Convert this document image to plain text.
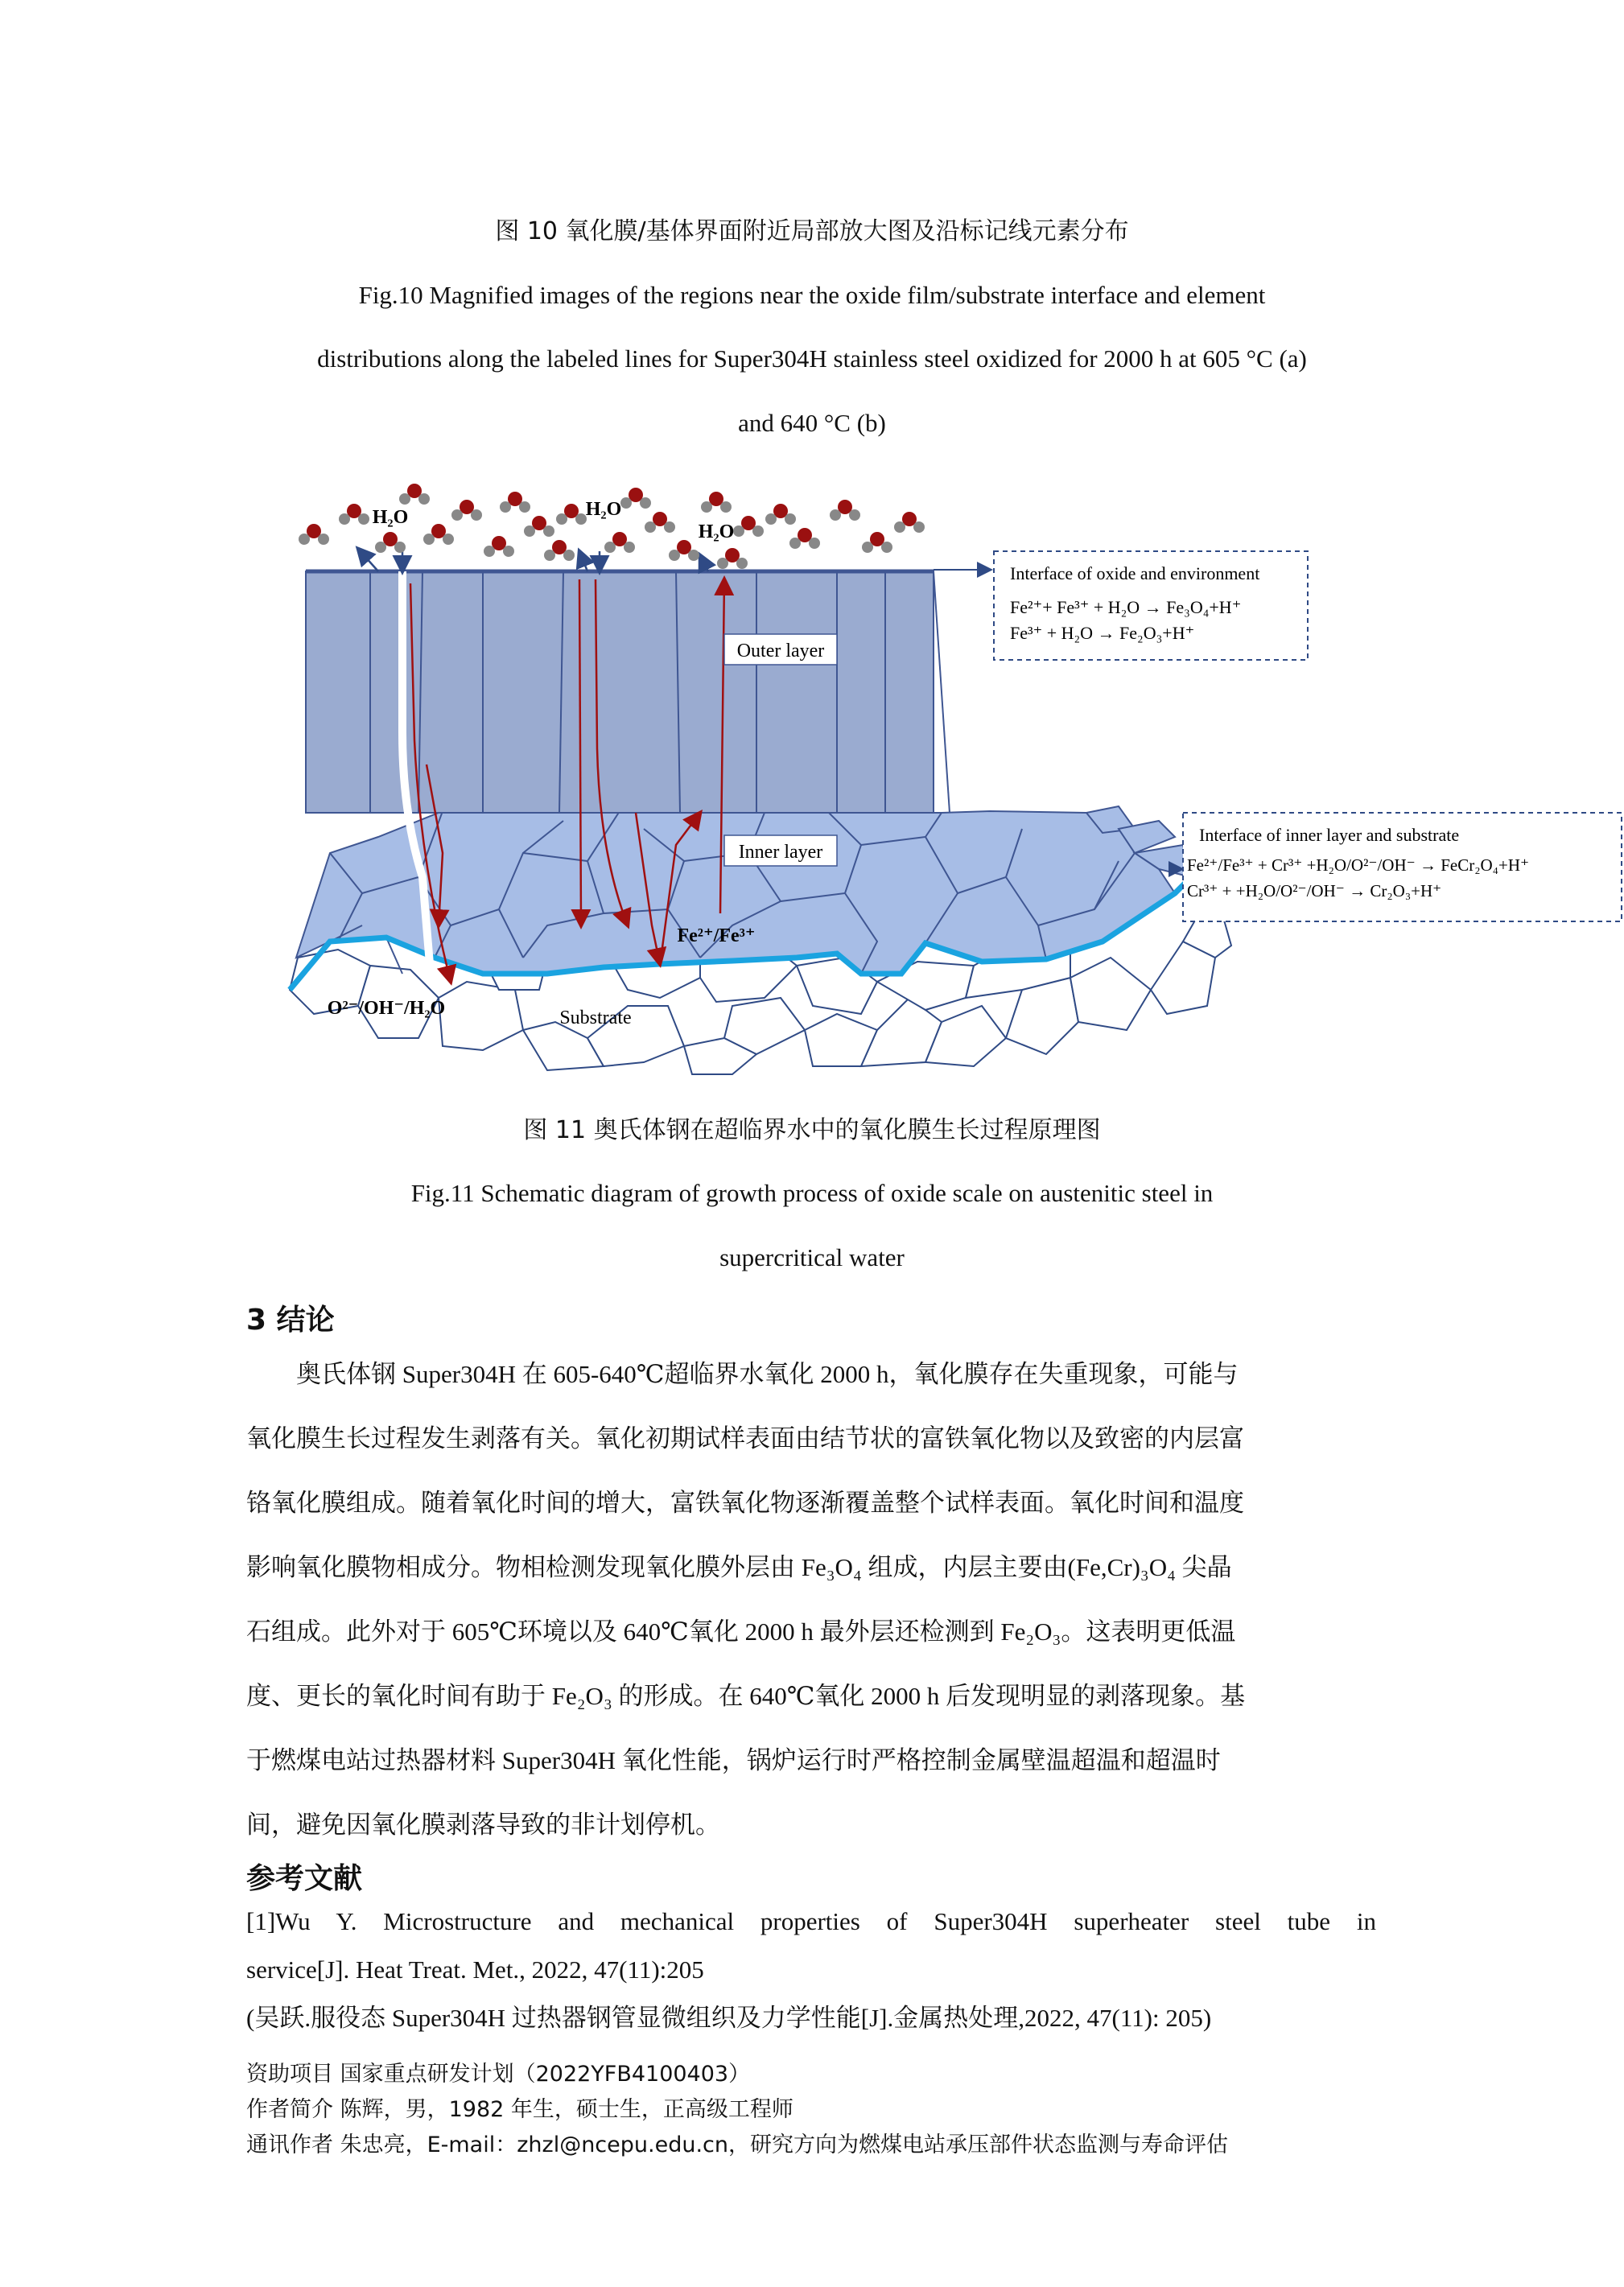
图 10 氧化膜/基体界面附近局部放大图及沿标记线元素分布
Fig.10 Magnified images of the regions near the oxide film/substrate interface and element
distributions along the labeled lines for Super304H stainless steel oxidized for 2000 h at 605 °C (a)
and 640 °C (b)
H₂O	H₂O
H₂O
Outer layer
Inner layer
Fe²⁺/Fe³⁺
O²⁻/OH⁻/H₂O	Substrate
Interface of oxide and environment
Fe²⁺+ Fe³⁺ + H₂O → Fe₃O₄+H⁺
Fe³⁺ + H₂O → Fe₂O₃+H⁺
Interface of inner layer and substrate
Fe²⁺/Fe³⁺ + Cr³⁺ +H₂O/O²⁻/OH⁻ → FeCr₂O₄+H⁺
Cr³⁺ + +H₂O/O²⁻/OH⁻ → Cr₂O₃+H⁺
图 11 奥氏体钢在超临界水中的氧化膜生长过程原理图
Fig.11 Schematic diagram of growth process of oxide scale on austenitic steel in
supercritical water
3 结论
　　奥氏体钢 Super304H 在 605-640℃超临界水氧化 2000 h，氧化膜存在失重现象，可能与
氧化膜生长过程发生剥落有关。氧化初期试样表面由结节状的富铁氧化物以及致密的内层富
铬氧化膜组成。随着氧化时间的增大，富铁氧化物逐渐覆盖整个试样表面。氧化时间和温度
影响氧化膜物相成分。物相检测发现氧化膜外层由 Fe₃O₄ 组成，内层主要由(Fe,Cr)₃O₄ 尖晶
石组成。此外对于 605℃环境以及 640℃氧化 2000 h 最外层还检测到 Fe₂O₃。这表明更低温
度、更长的氧化时间有助于 Fe₂O₃ 的形成。在 640℃氧化 2000 h 后发现明显的剥落现象。基
于燃煤电站过热器材料 Super304H 氧化性能，锅炉运行时严格控制金属壁温超温和超温时
间，避免因氧化膜剥落导致的非计划停机。
参考文献
[1]Wu Y. Microstructure and mechanical properties of Super304H superheater steel tube in
service[J]. Heat Treat. Met., 2022, 47(11):205
(吴跃.服役态 Super304H 过热器钢管显微组织及力学性能[J].金属热处理,2022, 47(11): 205)
资助项目 国家重点研发计划（2022YFB4100403）
作者简介 陈辉，男，1982 年生，硕士生，正高级工程师
通讯作者 朱忠亮，E-mail：zhzl@ncepu.edu.cn，研究方向为燃煤电站承压部件状态监测与寿命评估
